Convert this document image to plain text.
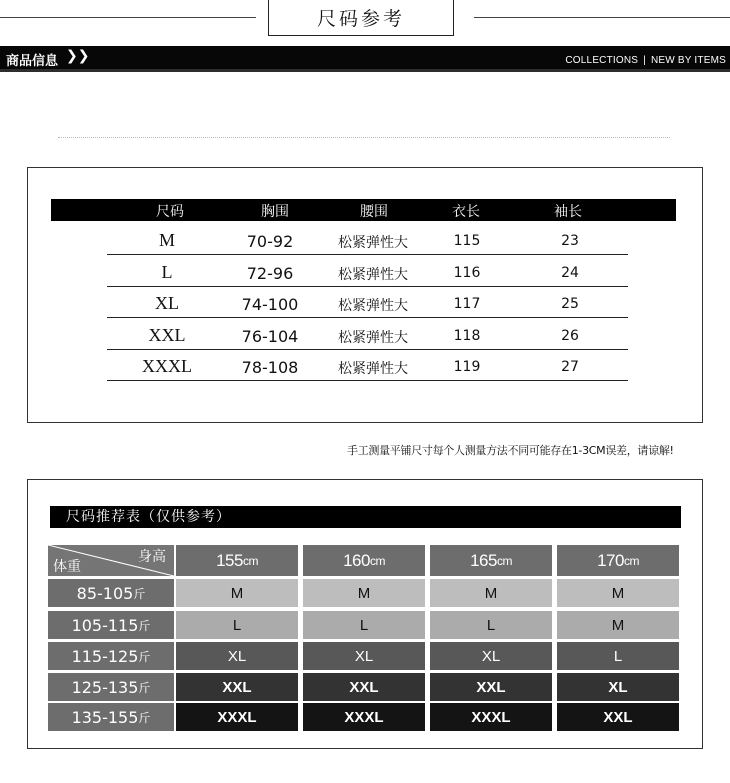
尺码参考
商品信息 ❯❯	COLLECTIONS | NEW BY ITEMS
尺码	胸围	腰围	衣长	袖长
M	70-92	松紧弹性大	115	23
L	72-96	松紧弹性大	116	24
XL	74-100	松紧弹性大	117	25
XXL	76-104	松紧弹性大	118	26
XXXL	78-108	松紧弹性大	119	27
手工测量平铺尺寸每个人测量方法不同可能存在1-3CM误差，请谅解!
尺码推荐表（仅供参考）
身高
体重	155 cm	160 cm	165 cm	170 cm
85-105 斤	M	M	M	M
105-115 斤	L	L	L	M
115-125 斤	XL	XL	XL	L
125-135 斤	XXL	XXL	XXL	XL
135-155 斤	XXXL	XXXL	XXXL	XXL
